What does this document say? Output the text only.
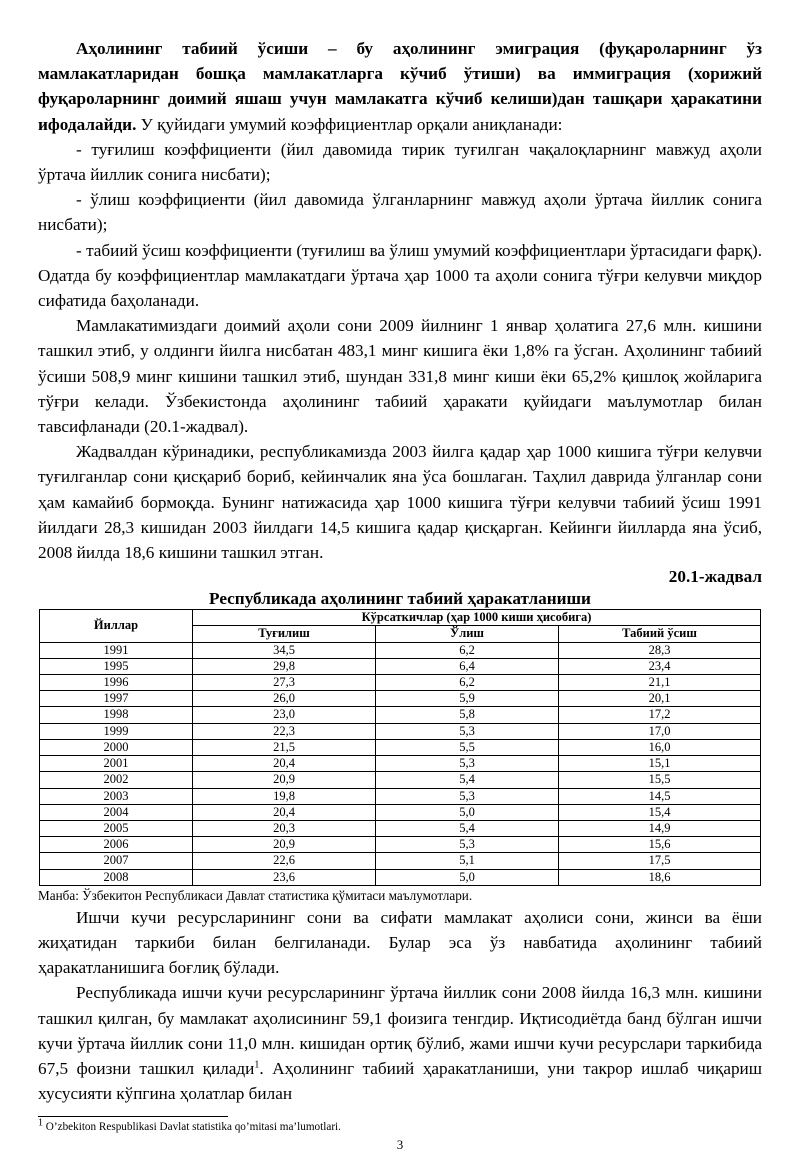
Аҳолининг табиий ўсиши – бу аҳолининг эмиграция (фуқароларнинг ўз мамлакатларидан бошқа мамлакатларга кўчиб ўтиши) ва иммиграция (хорижий фуқароларнинг доимий яшаш учун мамлакатга кўчиб келиши)дан ташқари ҳаракатини ифодалайди. У қуйидаги умумий коэффициентлар орқали аниқланади:

- туғилиш коэффициенти (йил давомида тирик туғилган чақалоқларнинг мавжуд аҳоли ўртача йиллик сонига нисбати);

- ўлиш коэффициенти (йил давомида ўлганларнинг мавжуд аҳоли ўртача йиллик сонига нисбати);

- табиий ўсиш коэффициенти (туғилиш ва ўлиш умумий коэффициентлари ўртасидаги фарқ). Одатда бу коэффициентлар мамлакатдаги ўртача ҳар 1000 та аҳоли сонига тўғри келувчи миқдор сифатида баҳоланади.

Мамлакатимиздаги доимий аҳоли сони 2009 йилнинг 1 январ ҳолатига 27,6 млн. кишини ташкил этиб, у олдинги йилга нисбатан 483,1 минг кишига ёки 1,8% га ўсган. Аҳолининг табиий ўсиши 508,9 минг кишини ташкил этиб, шундан 331,8 минг киши ёки 65,2% қишлоқ жойларига тўғри келади. Ўзбекистонда аҳолининг табиий ҳаракати қуйидаги маълумотлар билан тавсифланади (20.1-жадвал).

Жадвалдан кўринадики, республикамизда 2003 йилга қадар ҳар 1000 кишига тўғри келувчи туғилганлар сони қисқариб бориб, кейинчалик яна ўса бошлаган. Таҳлил даврида ўлганлар сони ҳам камайиб бормоқда. Бунинг натижасида ҳар 1000 кишига тўғри келувчи табиий ўсиш 1991 йилдаги 28,3 кишидан 2003 йилдаги 14,5 кишига қадар қисқарган. Кейинги йилларда яна ўсиб, 2008 йилда 18,6 кишини ташкил этган.

20.1-жадвал

Республикада аҳолининг табиий ҳаракатланиши

Йиллар	Кўрсаткичлар (ҳар 1000 киши ҳисобига)		
	Туғилиш	Ўлиш	Табиий ўсиш
1991	34,5	6,2	28,3
1995	29,8	6,4	23,4
1996	27,3	6,2	21,1
1997	26,0	5,9	20,1
1998	23,0	5,8	17,2
1999	22,3	5,3	17,0
2000	21,5	5,5	16,0
2001	20,4	5,3	15,1
2002	20,9	5,4	15,5
2003	19,8	5,3	14,5
2004	20,4	5,0	15,4
2005	20,3	5,4	14,9
2006	20,9	5,3	15,6
2007	22,6	5,1	17,5
2008	23,6	5,0	18,6

Манба: Ўзбекитон Республикаси Давлат статистика қўмитаси маълумотлари.

Ишчи кучи ресурсларининг сони ва сифати мамлакат аҳолиси сони, жинси ва ёши жиҳатидан таркиби билан белгиланади. Булар эса ўз навбатида аҳолининг табиий ҳаракатланишига боғлиқ бўлади.

Республикада ишчи кучи ресурсларининг ўртача йиллик сони 2008 йилда 16,3 млн. кишини ташкил қилган, бу мамлакат аҳолисининг 59,1 фоизига тенгдир. Иқтисодиётда банд бўлган ишчи кучи ўртача йиллик сони 11,0 млн. кишидан ортиқ бўлиб, жами ишчи кучи ресурслари таркибида 67,5 фоизни ташкил қилади$^1$. Аҳолининг табиий ҳаракатланиши, уни такрор ишлаб чиқариш хусусияти кўпгина ҳолатлар билан

$^1$ O’zbekiton Respublikasi Davlat statistika qo’mitasi ma’lumotlari.

3
